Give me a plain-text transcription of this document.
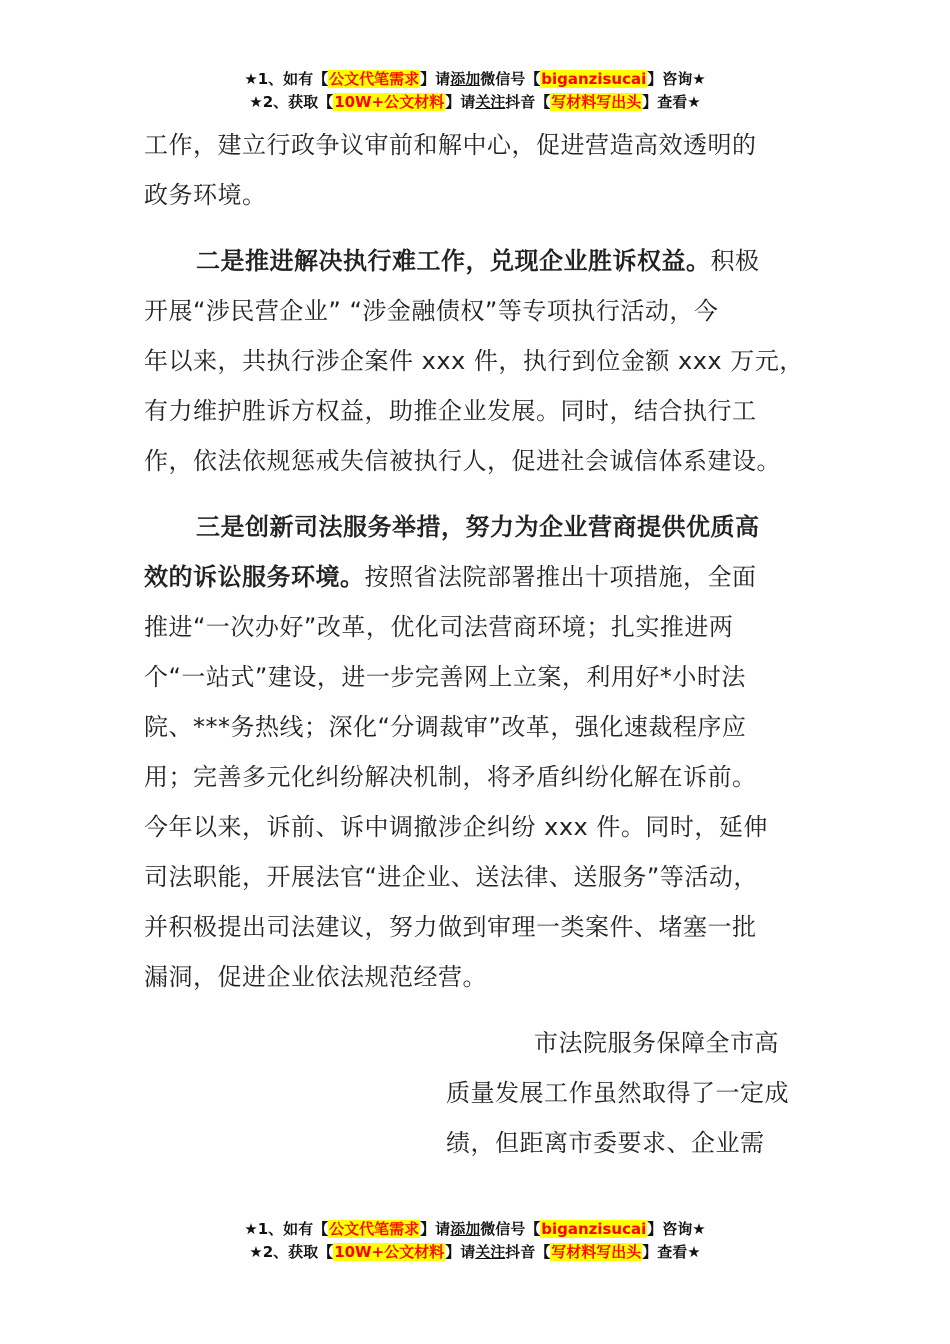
★1、如有【公文代笔需求】请添加微信号【biganzisucai】咨询★
★2、获取【10W+公文材料】请关注抖音【写材料写出头】查看★
工作，建立行政争议审前和解中心，促进营造高效透明的
政务环境。
二是推进解决执行难工作，兑现企业胜诉权益。积极
开展“涉民营企业” “涉金融债权”等专项执行活动，今
年以来，共执行涉企案件 xxx 件，执行到位金额 xxx 万元，
有力维护胜诉方权益，助推企业发展。同时，结合执行工
作，依法依规惩戒失信被执行人，促进社会诚信体系建设。
三是创新司法服务举措，努力为企业营商提供优质高
效的诉讼服务环境。按照省法院部署推出十项措施，全面
推进“一次办好”改革，优化司法营商环境；扎实推进两
个“一站式”建设，进一步完善网上立案，利用好*小时法
院、***务热线；深化“分调裁审”改革，强化速裁程序应
用；完善多元化纠纷解决机制，将矛盾纠纷化解在诉前。
今年以来，诉前、诉中调撤涉企纠纷 xxx 件。同时，延伸
司法职能，开展法官“进企业、送法律、送服务”等活动，
并积极提出司法建议，努力做到审理一类案件、堵塞一批
漏洞，促进企业依法规范经营。
市法院服务保障全市高
质量发展工作虽然取得了一定成
绩，但距离市委要求、企业需
★1、如有【公文代笔需求】请添加微信号【biganzisucai】咨询★
★2、获取【10W+公文材料】请关注抖音【写材料写出头】查看★
